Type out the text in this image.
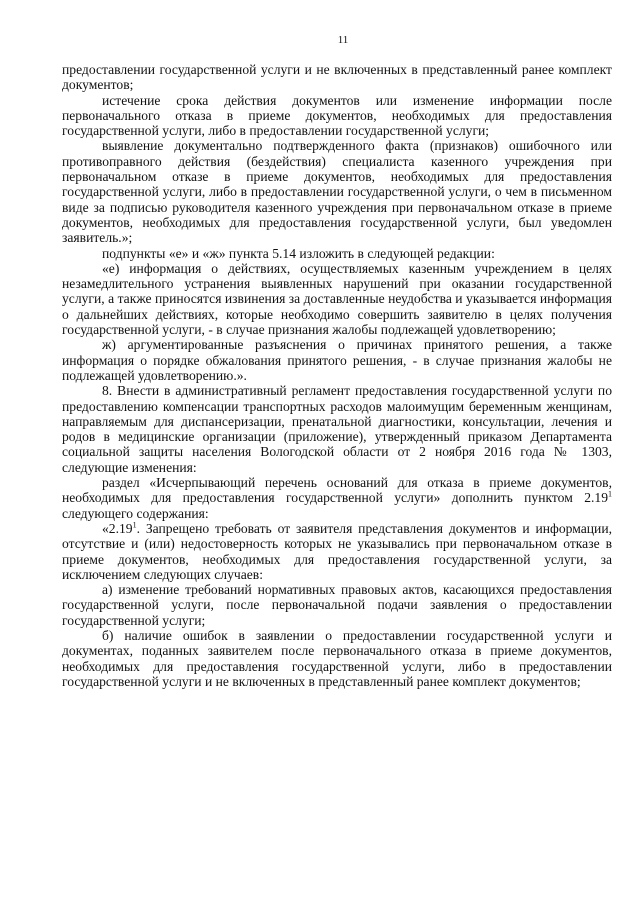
11

предоставлении государственной услуги и не включенных в представленный ранее комплект документов;

истечение срока действия документов или изменение информации после первоначального отказа в приеме документов, необходимых для предоставления государственной услуги, либо в предоставлении государственной услуги;

выявление документально подтвержденного факта (признаков) ошибочного или противоправного действия (бездействия) специалиста казенного учреждения при первоначальном отказе в приеме документов, необходимых для предоставления государственной услуги, либо в предоставлении государственной услуги, о чем в письменном виде за подписью руководителя казенного учреждения при первоначальном отказе в приеме документов, необходимых для предоставления государственной услуги, был уведомлен заявитель.»;

подпункты «е» и «ж» пункта 5.14 изложить в следующей редакции:

«е) информация о действиях, осуществляемых казенным учреждением в целях незамедлительного устранения выявленных нарушений при оказании государственной услуги, а также приносятся извинения за доставленные неудобства и указывается информация о дальнейших действиях, которые необходимо совершить заявителю в целях получения государственной услуги, - в случае признания жалобы подлежащей удовлетворению;

ж) аргументированные разъяснения о причинах принятого решения, а также информация о порядке обжалования принятого решения, - в случае признания жалобы не подлежащей удовлетворению.».

8. Внести в административный регламент предоставления государственной услуги по предоставлению компенсации транспортных расходов малоимущим беременным женщинам, направляемым для диспансеризации, пренатальной диагностики, консультации, лечения и родов в медицинские организации (приложение), утвержденный приказом Департамента социальной защиты населения Вологодской области от 2 ноября 2016 года № 1303, следующие изменения:

раздел «Исчерпывающий перечень оснований для отказа в приеме документов, необходимых для предоставления государственной услуги» дополнить пунктом 2.19$^1$ следующего содержания:

«2.19$^1$. Запрещено требовать от заявителя представления документов и информации, отсутствие и (или) недостоверность которых не указывались при первоначальном отказе в приеме документов, необходимых для предоставления государственной услуги, за исключением следующих случаев:

а) изменение требований нормативных правовых актов, касающихся предоставления государственной услуги, после первоначальной подачи заявления о предоставлении государственной услуги;

б) наличие ошибок в заявлении о предоставлении государственной услуги и документах, поданных заявителем после первоначального отказа в приеме документов, необходимых для предоставления государственной услуги, либо в предоставлении государственной услуги и не включенных в представленный ранее комплект документов;
